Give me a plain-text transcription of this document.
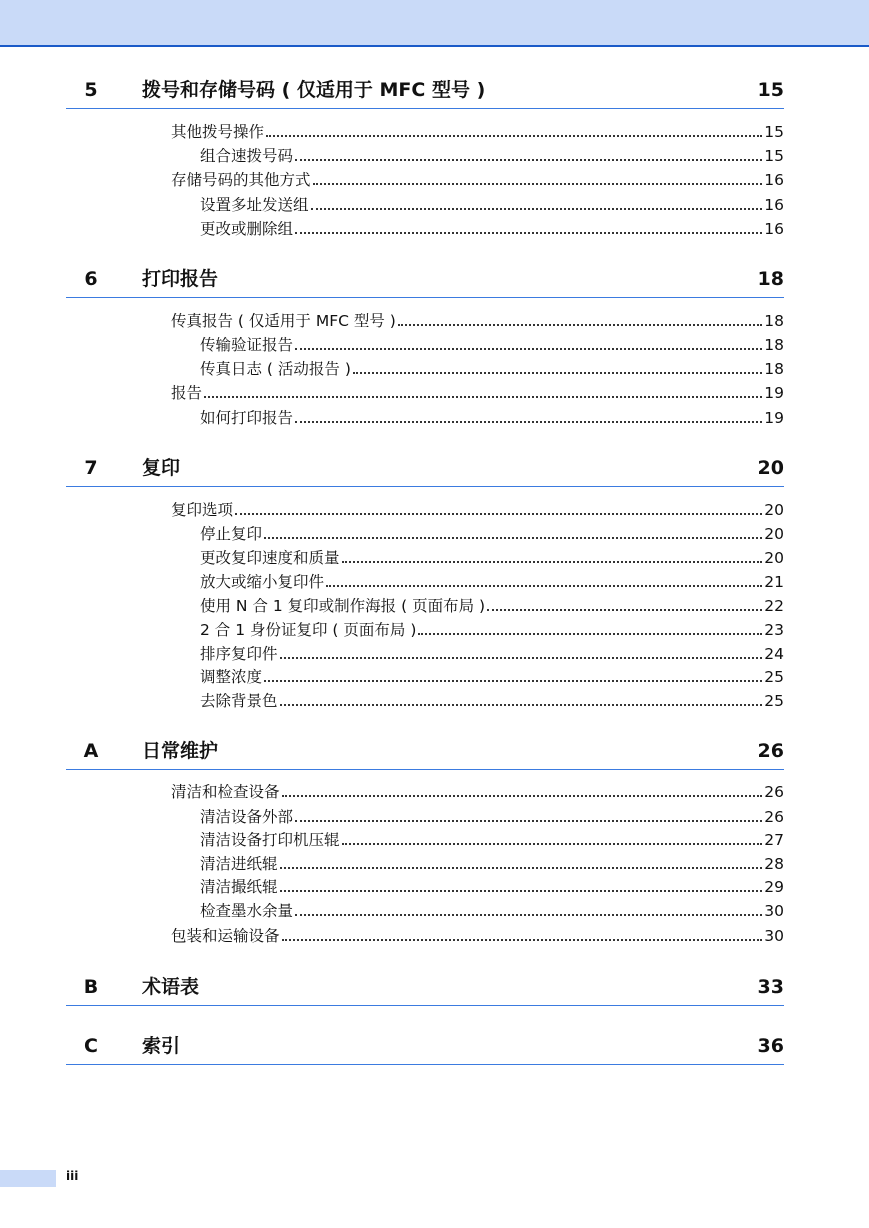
5	拨号和存储号码 ( 仅适用于 MFC 型号 )	15
其他拨号操作	15
组合速拨号码	15
存储号码的其他方式	16
设置多址发送组	16
更改或删除组	16
6	打印报告	18
传真报告 ( 仅适用于 MFC 型号 )	18
传输验证报告	18
传真日志 ( 活动报告 )	18
报告	19
如何打印报告	19
7	复印	20
复印选项	20
停止复印	20
更改复印速度和质量	20
放大或缩小复印件	21
使用 N 合 1 复印或制作海报 ( 页面布局 )	22
2 合 1 身份证复印 ( 页面布局 )	23
排序复印件	24
调整浓度	25
去除背景色	25
A	日常维护	26
清洁和检查设备	26
清洁设备外部	26
清洁设备打印机压辊	27
清洁进纸辊	28
清洁撮纸辊	29
检查墨水余量	30
包装和运输设备	30
B	术语表	33
C	索引	36
iii
